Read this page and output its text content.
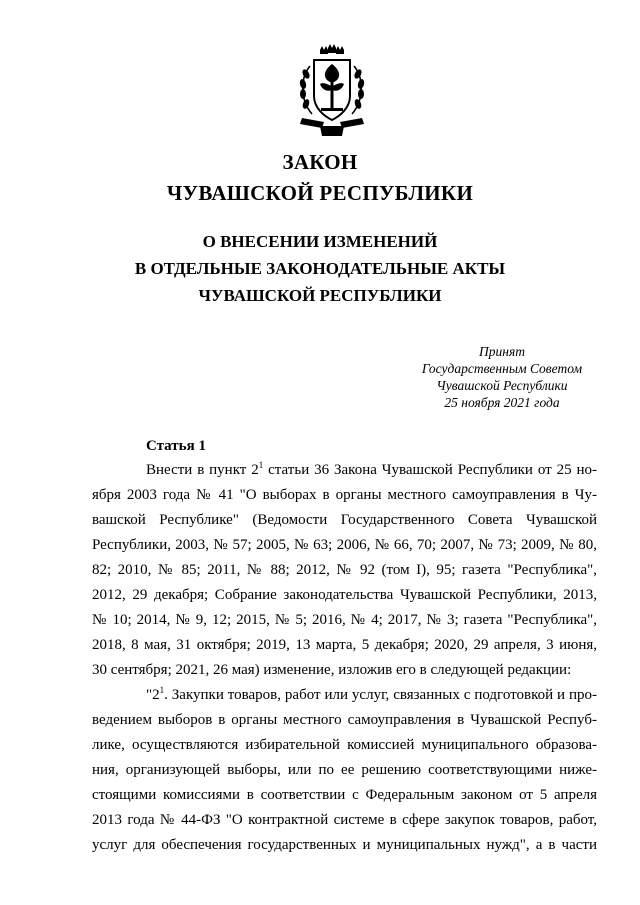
ЗАКОН
ЧУВАШСКОЙ РЕСПУБЛИКИ
О ВНЕСЕНИИ ИЗМЕНЕНИЙ
В ОТДЕЛЬНЫЕ ЗАКОНОДАТЕЛЬНЫЕ АКТЫ
ЧУВАШСКОЙ РЕСПУБЛИКИ
Принят
Государственным Советом
Чувашской Республики
25 ноября 2021 года
Статья 1
Внести в пункт $2^1$ статьи 36 Закона Чувашской Республики от 25 но-
ября 2003 года № 41 "О выборах в органы местного самоуправления в Чу-
вашской Республике" (Ведомости Государственного Совета Чувашской
Республики, 2003, № 57; 2005, № 63; 2006, № 66, 70; 2007, № 73; 2009, № 80,
82; 2010, № 85; 2011, № 88; 2012, № 92 (том I), 95; газета "Республика",
2012, 29 декабря; Собрание законодательства Чувашской Республики, 2013,
№ 10; 2014, № 9, 12; 2015, № 5; 2016, № 4; 2017, № 3; газета "Республика",
2018, 8 мая, 31 октября; 2019, 13 марта, 5 декабря; 2020, 29 апреля, 3 июня,
30 сентября; 2021, 26 мая) изменение, изложив его в следующей редакции:
"$2^1$. Закупки товаров, работ или услуг, связанных с подготовкой и про-
ведением выборов в органы местного самоуправления в Чувашской Респуб-
лике, осуществляются избирательной комиссией муниципального образова-
ния, организующей выборы, или по ее решению соответствующими ниже-
стоящими комиссиями в соответствии с Федеральным законом от 5 апреля
2013 года № 44-ФЗ "О контрактной системе в сфере закупок товаров, работ,
услуг для обеспечения государственных и муниципальных нужд", а в части
